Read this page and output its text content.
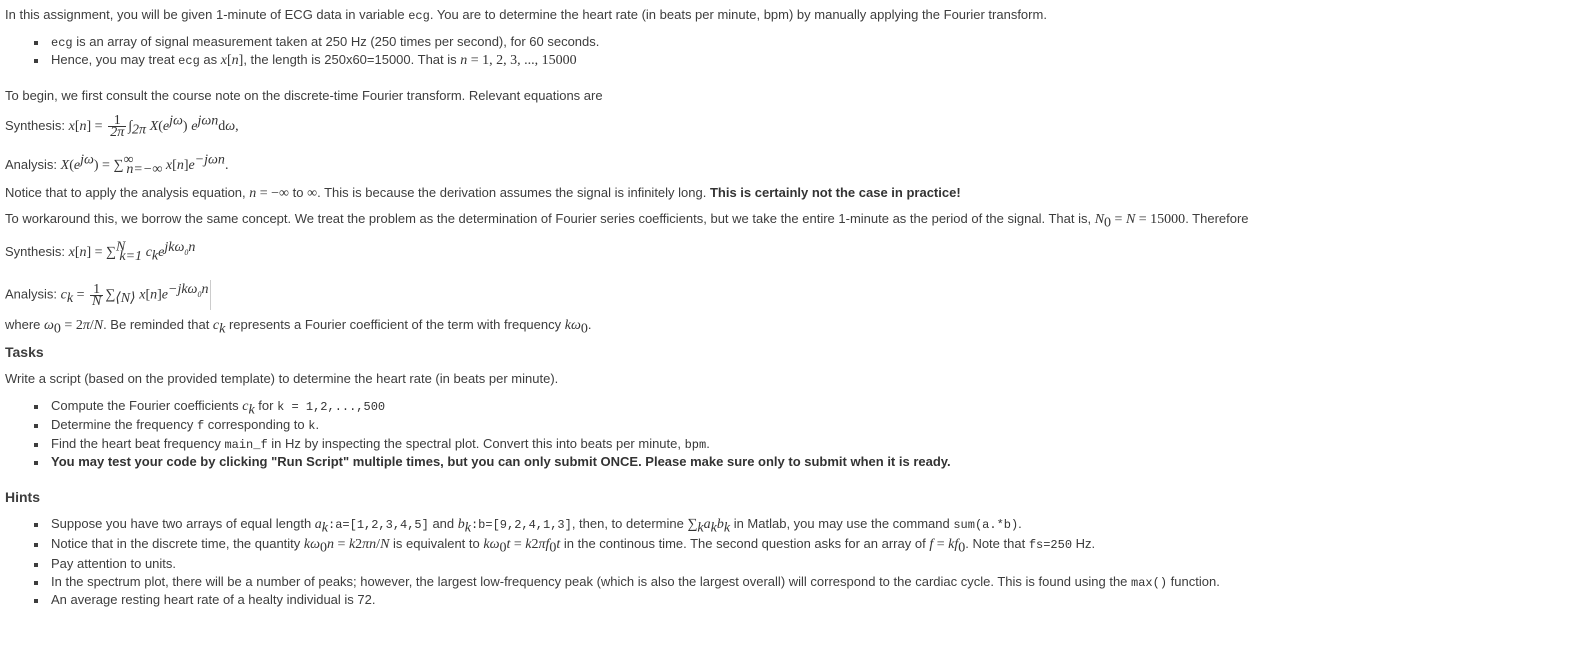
In this assignment, you will be given 1-minute of ECG data in variable ecg. You are to determine the heart rate (in beats per minute, bpm) by manually applying the Fourier transform.
ecg is an array of signal measurement taken at 250 Hz (250 times per second), for 60 seconds.
Hence, you may treat ecg as x[n], the length is 250x60=15000. That is n = 1, 2, 3, ..., 15000
To begin, we first consult the course note on the discrete-time Fourier transform. Relevant equations are
Synthesis: $x[n] = \frac{1}{2\pi} \int_{2\pi}$ $X(e^{j\omega})$ $e^{j\omega n}d\omega$,
Analysis: $X(e^{j\omega}) = \sum^\infty_{n=-\infty}$ $x[n]e^{-j\omega n}$.
Notice that to apply the analysis equation, n = −∞ to ∞. This is because the derivation assumes the signal is infinitely long. This is certainly not the case in practice!
To workaround this, we borrow the same concept. We treat the problem as the determination of Fourier series coefficients, but we take the entire 1-minute as the period of the signal. That is, $N_0 = N = 15000$. Therefore
Synthesis: x[n] = ∑$^N_{k=1}$ $c_ke^{jk\omega_0n}$
Analysis: $c_k = \frac{1}{N} \sum_{⟨N⟩}$ $x[n]e^{-jk\omega_0n}$
where $\omega_0 = 2\pi/N$. Be reminded that $c_k$ represents a Fourier coefficient of the term with frequency $k\omega_0$.
Tasks
Write a script (based on the provided template) to determine the heart rate (in beats per minute).
Compute the Fourier coefficients $c_k$ for k = 1,2,...,500
Determine the frequency f corresponding to k.
Find the heart beat frequency main_f in Hz by inspecting the spectral plot. Convert this into beats per minute, bpm.
You may test your code by clicking "Run Script" multiple times, but you can only submit ONCE. Please make sure only to submit when it is ready.
Hints
Suppose you have two arrays of equal length $a_k:a=[1,2,3,4,5]$ and $b_k:b=[9,2,4,1,3]$, then, to determine $\sum_ka_kb_k$ in Matlab, you may use the command sum(a.*b).
Notice that in the discrete time, the quantity $k\omega_0n = k2\pi n/N$ is equivalent to $k\omega_0t = k2\pi f_0t$ in the continous time. The second question asks for an array of $f = kf_0$. Note that fs=250 Hz.
Pay attention to units.
In the spectrum plot, there will be a number of peaks; however, the largest low-frequency peak (which is also the largest overall) will correspond to the cardiac cycle. This is found using the max() function.
An average resting heart rate of a healty individual is 72.
